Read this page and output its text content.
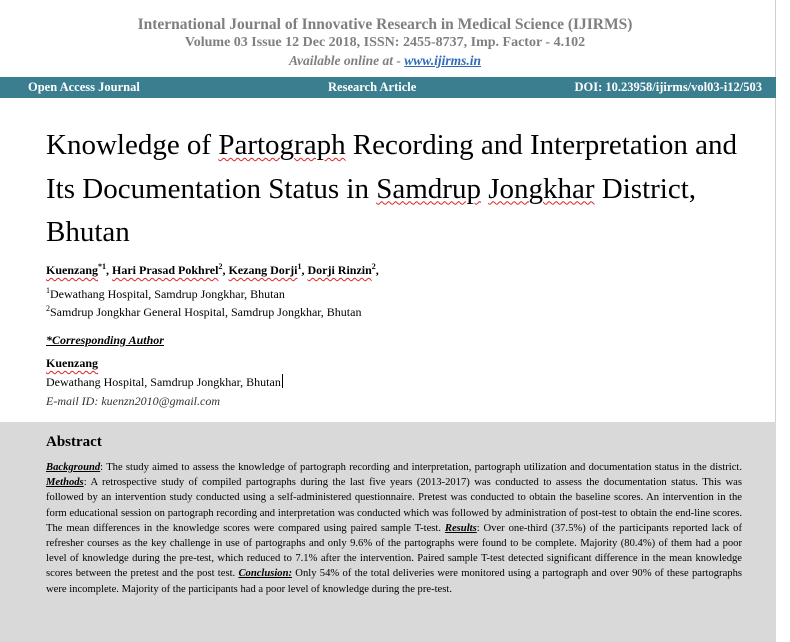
International Journal of Innovative Research in Medical Science (IJIRMS)
Volume 03 Issue 12 Dec 2018, ISSN: 2455-8737, Imp. Factor - 4.102
Available online at - www.ijirms.in
Open Access Journal	Research Article	DOI: 10.23958/ijirms/vol03-i12/503
Knowledge of Partograph Recording and Interpretation and Its Documentation Status in Samdrup Jongkhar District, Bhutan
Kuenzang$^{*1}$, Hari Prasad Pokhrel$^2$, Kezang Dorji$^1$, Dorji Rinzin$^2$,
$^1$Dewathang Hospital, Samdrup Jongkhar, Bhutan
$^2$Samdrup Jongkhar General Hospital, Samdrup Jongkhar, Bhutan
*Corresponding Author
Kuenzang
Dewathang Hospital, Samdrup Jongkhar, Bhutan
E-mail ID: kuenzn2010@gmail.com
Abstract
Background: The study aimed to assess the knowledge of partograph recording and interpretation, partograph utilization and documentation status in the district. Methods: A retrospective study of compiled partographs during the last five years (2013-2017) was conducted to assess the documentation status. This was followed by an intervention study conducted using a self-administered questionnaire. Pretest was conducted to obtain the baseline scores. An intervention in the form educational session on partograph recording and interpretation was conducted which was followed by administration of post-test to obtain the end-line scores. The mean differences in the knowledge scores were compared using paired sample T-test. Results: Over one-third (37.5%) of the participants reported lack of refresher courses as the key challenge in use of partographs and only 9.6% of the partographs were found to be complete. Majority (80.4%) of them had a poor level of knowledge during the pre-test, which reduced to 7.1% after the intervention. Paired sample T-test detected significant difference in the mean knowledge scores between the pretest and the post test. Conclusion: Only 54% of the total deliveries were monitored using a partograph and over 90% of these partographs were incomplete. Majority of the participants had a poor level of knowledge during the pre-test.
